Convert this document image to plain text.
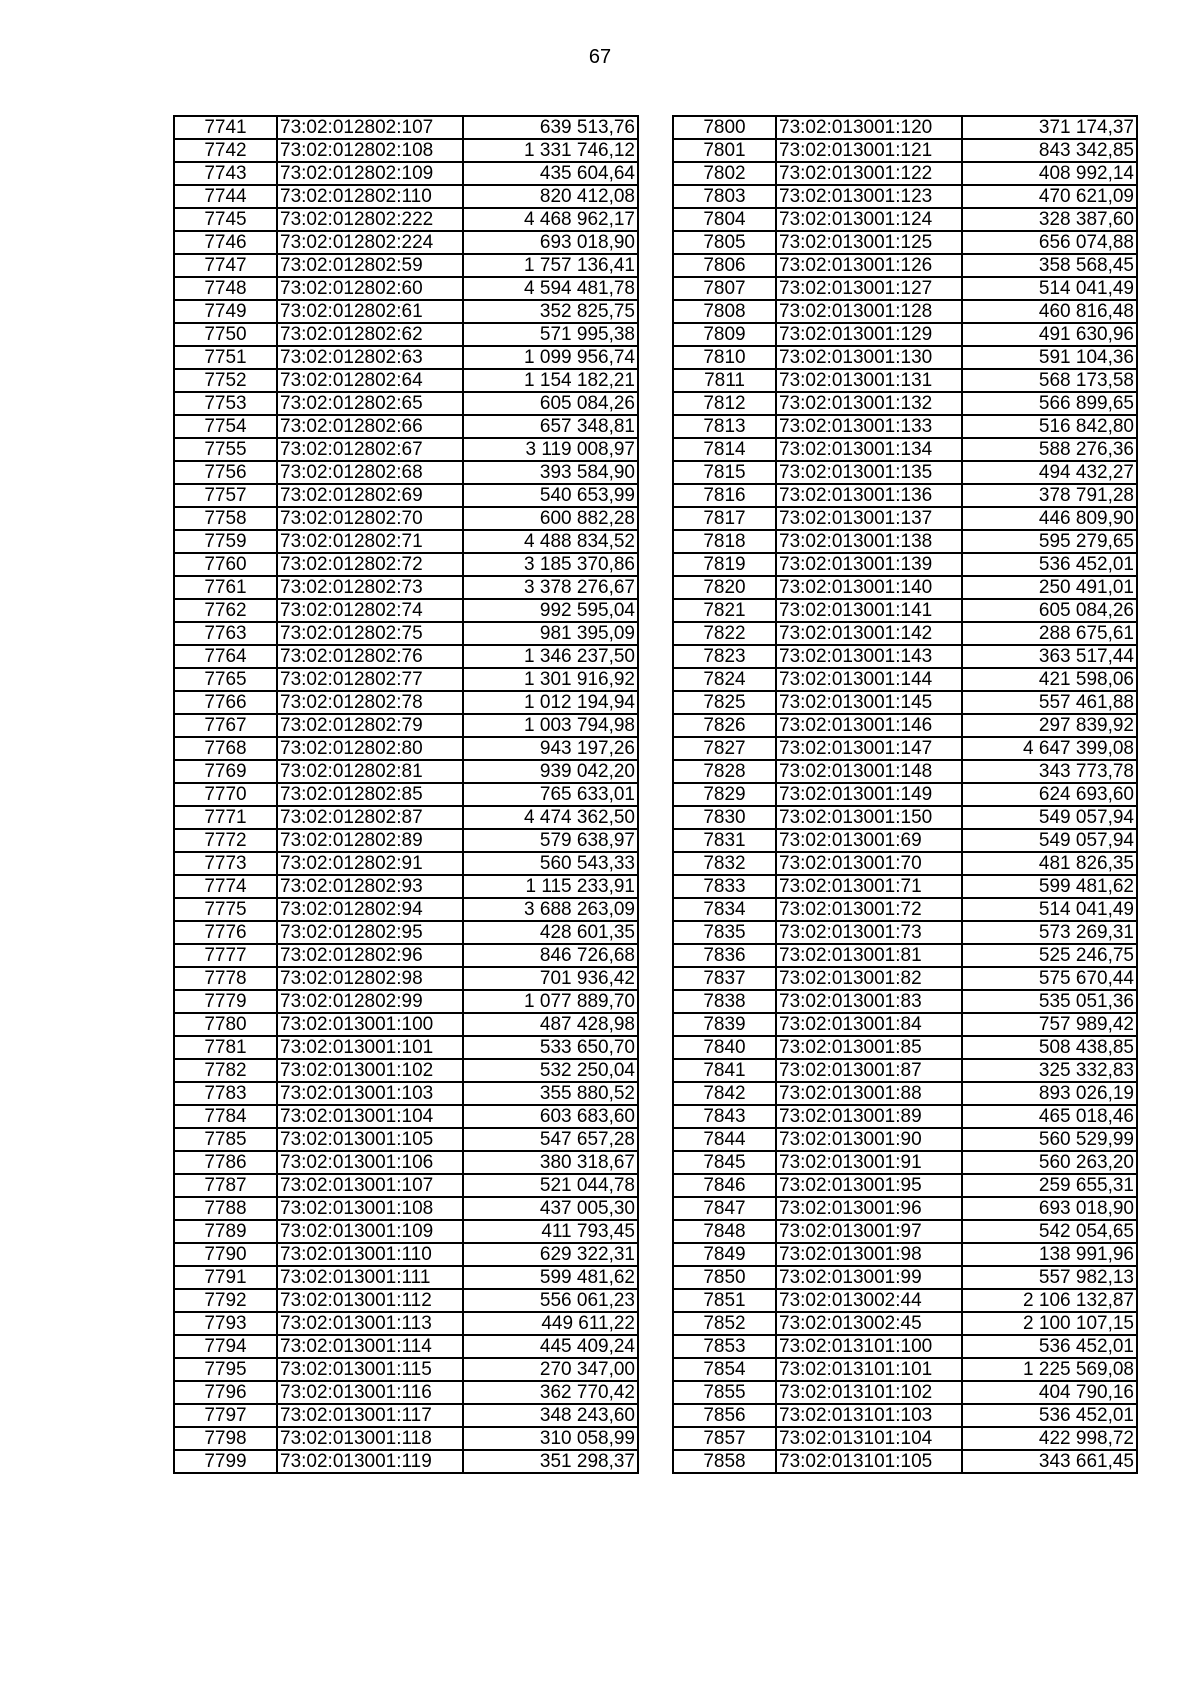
67
7741	73:02:012802:107	639 513,76
7742	73:02:012802:108	1 331 746,12
7743	73:02:012802:109	435 604,64
7744	73:02:012802:110	820 412,08
7745	73:02:012802:222	4 468 962,17
7746	73:02:012802:224	693 018,90
7747	73:02:012802:59	1 757 136,41
7748	73:02:012802:60	4 594 481,78
7749	73:02:012802:61	352 825,75
7750	73:02:012802:62	571 995,38
7751	73:02:012802:63	1 099 956,74
7752	73:02:012802:64	1 154 182,21
7753	73:02:012802:65	605 084,26
7754	73:02:012802:66	657 348,81
7755	73:02:012802:67	3 119 008,97
7756	73:02:012802:68	393 584,90
7757	73:02:012802:69	540 653,99
7758	73:02:012802:70	600 882,28
7759	73:02:012802:71	4 488 834,52
7760	73:02:012802:72	3 185 370,86
7761	73:02:012802:73	3 378 276,67
7762	73:02:012802:74	992 595,04
7763	73:02:012802:75	981 395,09
7764	73:02:012802:76	1 346 237,50
7765	73:02:012802:77	1 301 916,92
7766	73:02:012802:78	1 012 194,94
7767	73:02:012802:79	1 003 794,98
7768	73:02:012802:80	943 197,26
7769	73:02:012802:81	939 042,20
7770	73:02:012802:85	765 633,01
7771	73:02:012802:87	4 474 362,50
7772	73:02:012802:89	579 638,97
7773	73:02:012802:91	560 543,33
7774	73:02:012802:93	1 115 233,91
7775	73:02:012802:94	3 688 263,09
7776	73:02:012802:95	428 601,35
7777	73:02:012802:96	846 726,68
7778	73:02:012802:98	701 936,42
7779	73:02:012802:99	1 077 889,70
7780	73:02:013001:100	487 428,98
7781	73:02:013001:101	533 650,70
7782	73:02:013001:102	532 250,04
7783	73:02:013001:103	355 880,52
7784	73:02:013001:104	603 683,60
7785	73:02:013001:105	547 657,28
7786	73:02:013001:106	380 318,67
7787	73:02:013001:107	521 044,78
7788	73:02:013001:108	437 005,30
7789	73:02:013001:109	411 793,45
7790	73:02:013001:110	629 322,31
7791	73:02:013001:111	599 481,62
7792	73:02:013001:112	556 061,23
7793	73:02:013001:113	449 611,22
7794	73:02:013001:114	445 409,24
7795	73:02:013001:115	270 347,00
7796	73:02:013001:116	362 770,42
7797	73:02:013001:117	348 243,60
7798	73:02:013001:118	310 058,99
7799	73:02:013001:119	351 298,37
7800	73:02:013001:120	371 174,37
7801	73:02:013001:121	843 342,85
7802	73:02:013001:122	408 992,14
7803	73:02:013001:123	470 621,09
7804	73:02:013001:124	328 387,60
7805	73:02:013001:125	656 074,88
7806	73:02:013001:126	358 568,45
7807	73:02:013001:127	514 041,49
7808	73:02:013001:128	460 816,48
7809	73:02:013001:129	491 630,96
7810	73:02:013001:130	591 104,36
7811	73:02:013001:131	568 173,58
7812	73:02:013001:132	566 899,65
7813	73:02:013001:133	516 842,80
7814	73:02:013001:134	588 276,36
7815	73:02:013001:135	494 432,27
7816	73:02:013001:136	378 791,28
7817	73:02:013001:137	446 809,90
7818	73:02:013001:138	595 279,65
7819	73:02:013001:139	536 452,01
7820	73:02:013001:140	250 491,01
7821	73:02:013001:141	605 084,26
7822	73:02:013001:142	288 675,61
7823	73:02:013001:143	363 517,44
7824	73:02:013001:144	421 598,06
7825	73:02:013001:145	557 461,88
7826	73:02:013001:146	297 839,92
7827	73:02:013001:147	4 647 399,08
7828	73:02:013001:148	343 773,78
7829	73:02:013001:149	624 693,60
7830	73:02:013001:150	549 057,94
7831	73:02:013001:69	549 057,94
7832	73:02:013001:70	481 826,35
7833	73:02:013001:71	599 481,62
7834	73:02:013001:72	514 041,49
7835	73:02:013001:73	573 269,31
7836	73:02:013001:81	525 246,75
7837	73:02:013001:82	575 670,44
7838	73:02:013001:83	535 051,36
7839	73:02:013001:84	757 989,42
7840	73:02:013001:85	508 438,85
7841	73:02:013001:87	325 332,83
7842	73:02:013001:88	893 026,19
7843	73:02:013001:89	465 018,46
7844	73:02:013001:90	560 529,99
7845	73:02:013001:91	560 263,20
7846	73:02:013001:95	259 655,31
7847	73:02:013001:96	693 018,90
7848	73:02:013001:97	542 054,65
7849	73:02:013001:98	138 991,96
7850	73:02:013001:99	557 982,13
7851	73:02:013002:44	2 106 132,87
7852	73:02:013002:45	2 100 107,15
7853	73:02:013101:100	536 452,01
7854	73:02:013101:101	1 225 569,08
7855	73:02:013101:102	404 790,16
7856	73:02:013101:103	536 452,01
7857	73:02:013101:104	422 998,72
7858	73:02:013101:105	343 661,45
